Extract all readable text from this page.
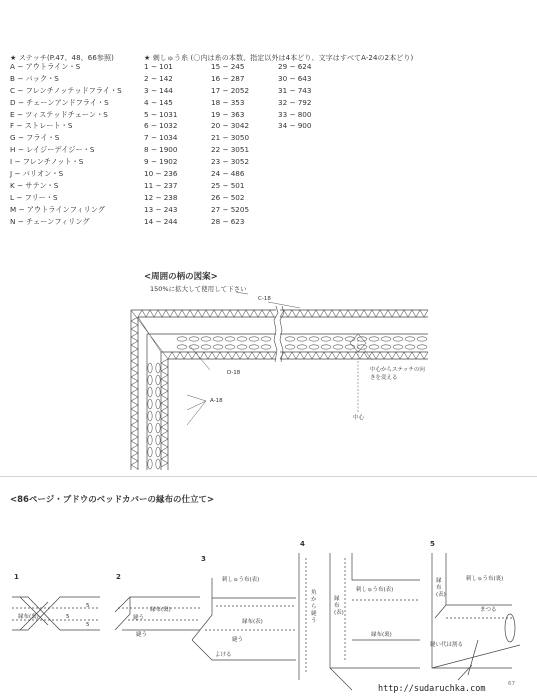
★ ステッチ(P.47、48、66参照)
A − アウトライン・S
B − バック・S
C − フレンチノッテッドフライ・S
D − チェーンアンドフライ・S
E − ツィステッドチェーン・S
F − ストレート・S
G − フライ・S
H − レイジーデイジー・S
I − フレンチノット・S
J − バリオン・S
K − サテン・S
L − フリー・S
M − アウトラインフィリング
N − チェーンフィリング
★ 刺しゅう糸 (〇内は糸の本数、指定以外は4本どり、文字はすべてA-24の2本どり)
1 − 101
2 − 142
3 − 144
4 − 145
5 − 1031
6 − 1032
7 − 1034
8 − 1900
9 − 1902
10 − 236
11 − 237
12 − 238
13 − 243
14 − 244
15 − 245
16 − 287
17 − 2052
18 − 353
19 − 363
20 − 3042
21 − 3050
22 − 3051
23 − 3052
24 − 486
25 − 501
26 − 502
27 − 5205
28 − 623
29 − 624
30 − 643
31 − 743
32 − 792
33 − 800
34 − 900
<周囲の柄の図案>
150%に拡大して使用して下さい
C-18
D-18
A-18
中心からステッチの向きを変える
中心
<86ページ・ブドウのベッドカバーの縁布の仕立て>
1
縁布(裏)
5
5
5
2
縁布(裏)
縫う
縫う
3
刺しゅう布(表)
縁布(表)
縫う
よける
4
角から縫う
縁布(表)
刺しゅう布(表)
縁布(裏)
5
刺しゅう布(裏)
縁布(表)
まつる
縫い代は割る
http://sudaruchka.com	67
